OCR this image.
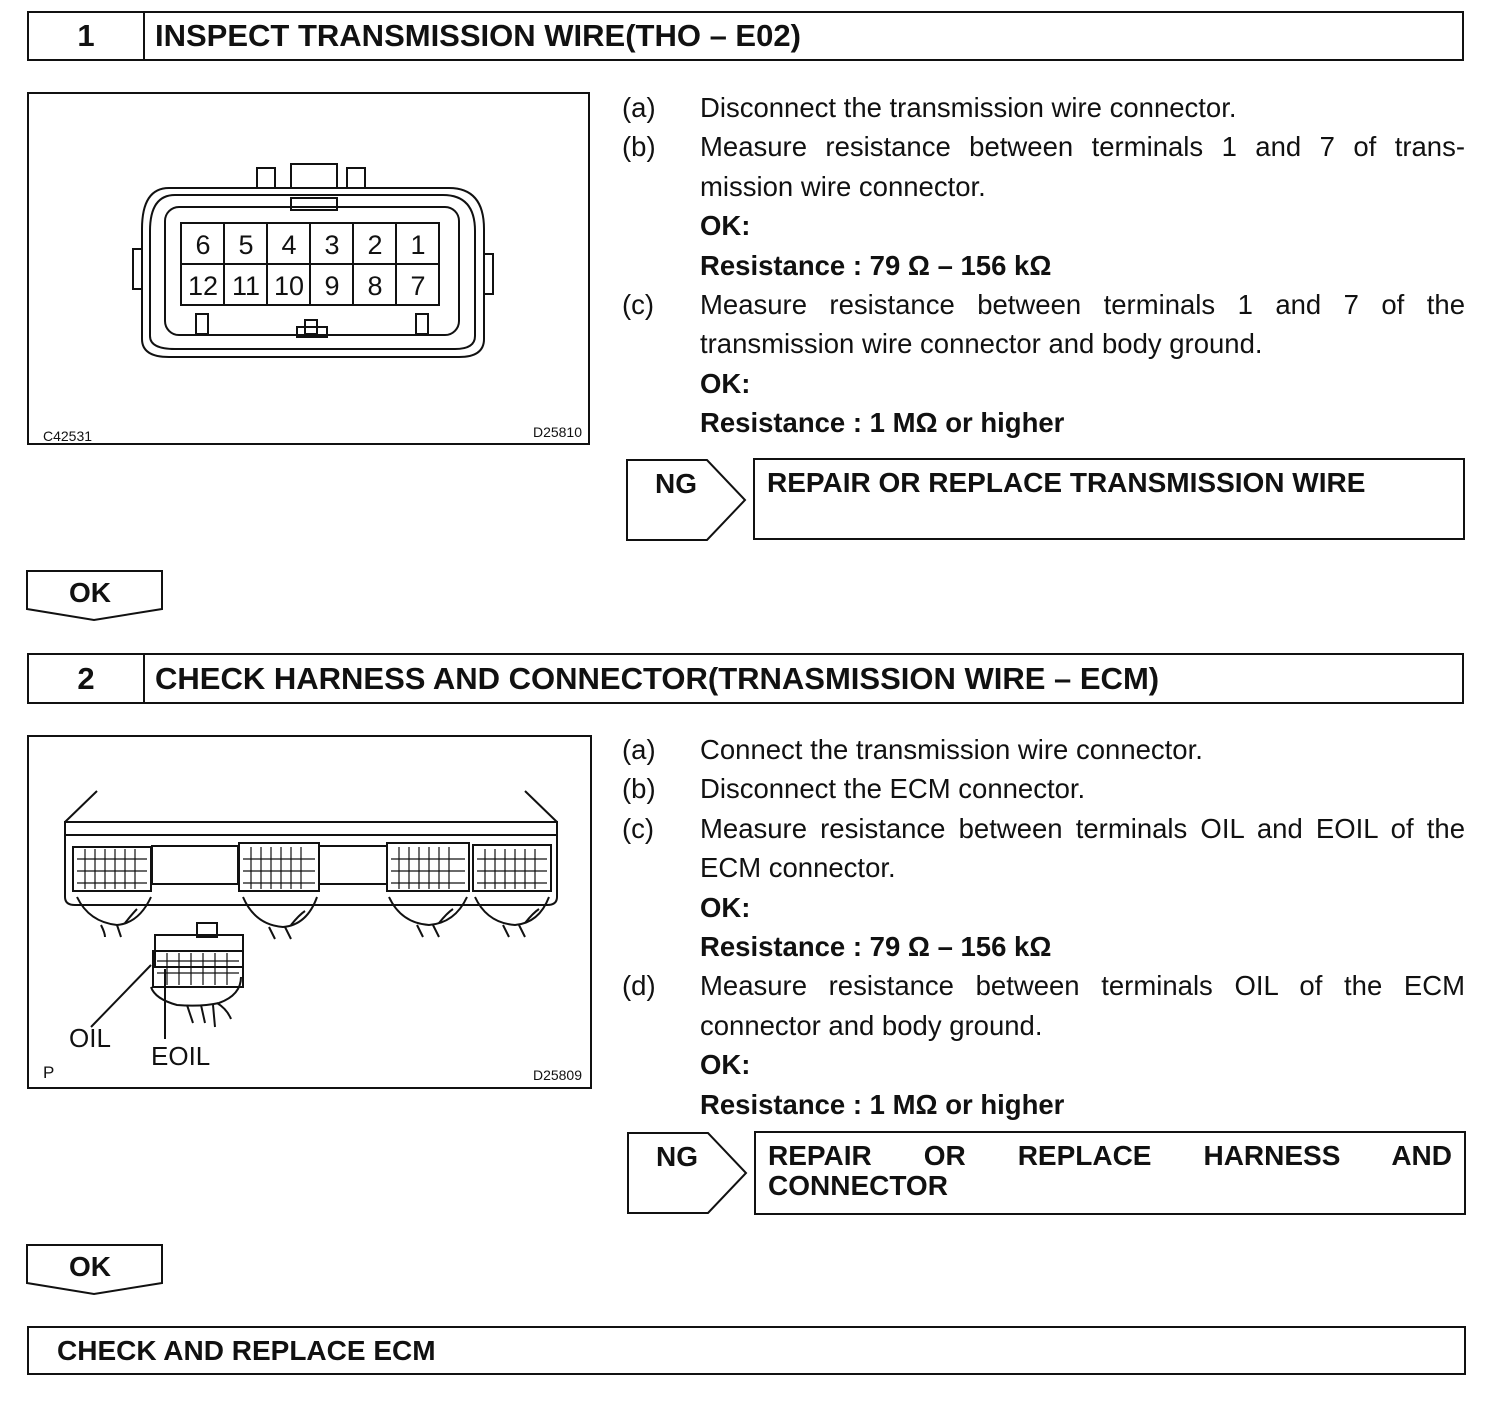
1	INSPECT TRANSMISSION WIRE(THO – E02)
6 5 4 3 2 1
12 11 10 9 8 7
C42531	D25810
(a)	Disconnect the transmission wire connector.
(b)	Measure resistance between terminals 1 and 7 of trans- mission wire connector.
OK:
Resistance : 79 Ω – 156 kΩ
(c)	Measure resistance between terminals 1 and 7 of the transmission wire connector and body ground.
OK:
Resistance : 1 MΩ or higher
NG	REPAIR OR REPLACE TRANSMISSION WIRE
OK
2	CHECK HARNESS AND CONNECTOR(TRNASMISSION WIRE – ECM)
OIL
EOIL
P	D25809
(a)	Connect the transmission wire connector.
(b)	Disconnect the ECM connector.
(c)	Measure resistance between terminals OIL and EOIL of the ECM connector.
OK:
Resistance : 79 Ω – 156 kΩ
(d)	Measure resistance between terminals OIL of the ECM connector and body ground.
OK:
Resistance : 1 MΩ or higher
NG	REPAIR OR REPLACE HARNESS AND
CONNECTOR
OK
CHECK AND REPLACE ECM
